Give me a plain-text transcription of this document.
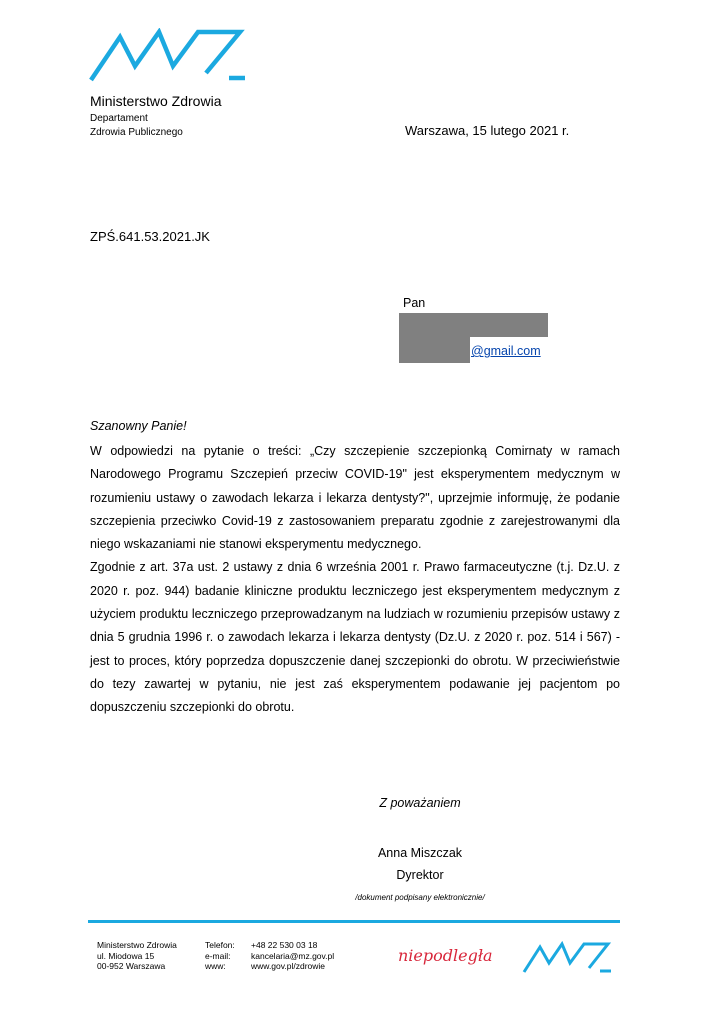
Ministerstwo Zdrowia
Departament
Zdrowia Publicznego	Warszawa, 15 lutego 2021 r.
ZPŚ.641.53.2021.JK
Pan
@gmail.com
Szanowny Panie!

W odpowiedzi na pytanie o treści: „Czy szczepienie szczepionką Comirnaty w ramach Narodowego Programu Szczepień przeciw COVID-19" jest eksperymentem medycznym w rozumieniu ustawy o zawodach lekarza i lekarza dentysty?", uprzejmie informuję, że podanie szczepienia przeciwko Covid-19 z zastosowaniem preparatu zgodnie z zarejestrowanymi dla niego wskazaniami nie stanowi eksperymentu medycznego.

Zgodnie z art. 37a ust. 2 ustawy z dnia 6 września 2001 r. Prawo farmaceutyczne (t.j. Dz.U. z 2020 r. poz. 944) badanie kliniczne produktu leczniczego jest eksperymentem medycznym z użyciem produktu leczniczego przeprowadzanym na ludziach w rozumieniu przepisów ustawy z dnia 5 grudnia 1996 r. o zawodach lekarza i lekarza dentysty (Dz.U. z 2020 r. poz. 514 i 567) - jest to proces, który poprzedza dopuszczenie danej szczepionki do obrotu. W przeciwieństwie do tezy zawartej w pytaniu, nie jest zaś eksperymentem podawanie jej pacjentom po dopuszczeniu szczepionki do obrotu.

Z poważaniem
Anna Miszczak
Dyrektor
/dokument podpisany elektronicznie/
Ministerstwo Zdrowia
ul. Miodowa 15
00-952 Warszawa
Telefon:
e-mail:
www:
+48 22 530 03 18
kancelaria@mz.gov.pl
www.gov.pl/zdrowie
niepodległa
